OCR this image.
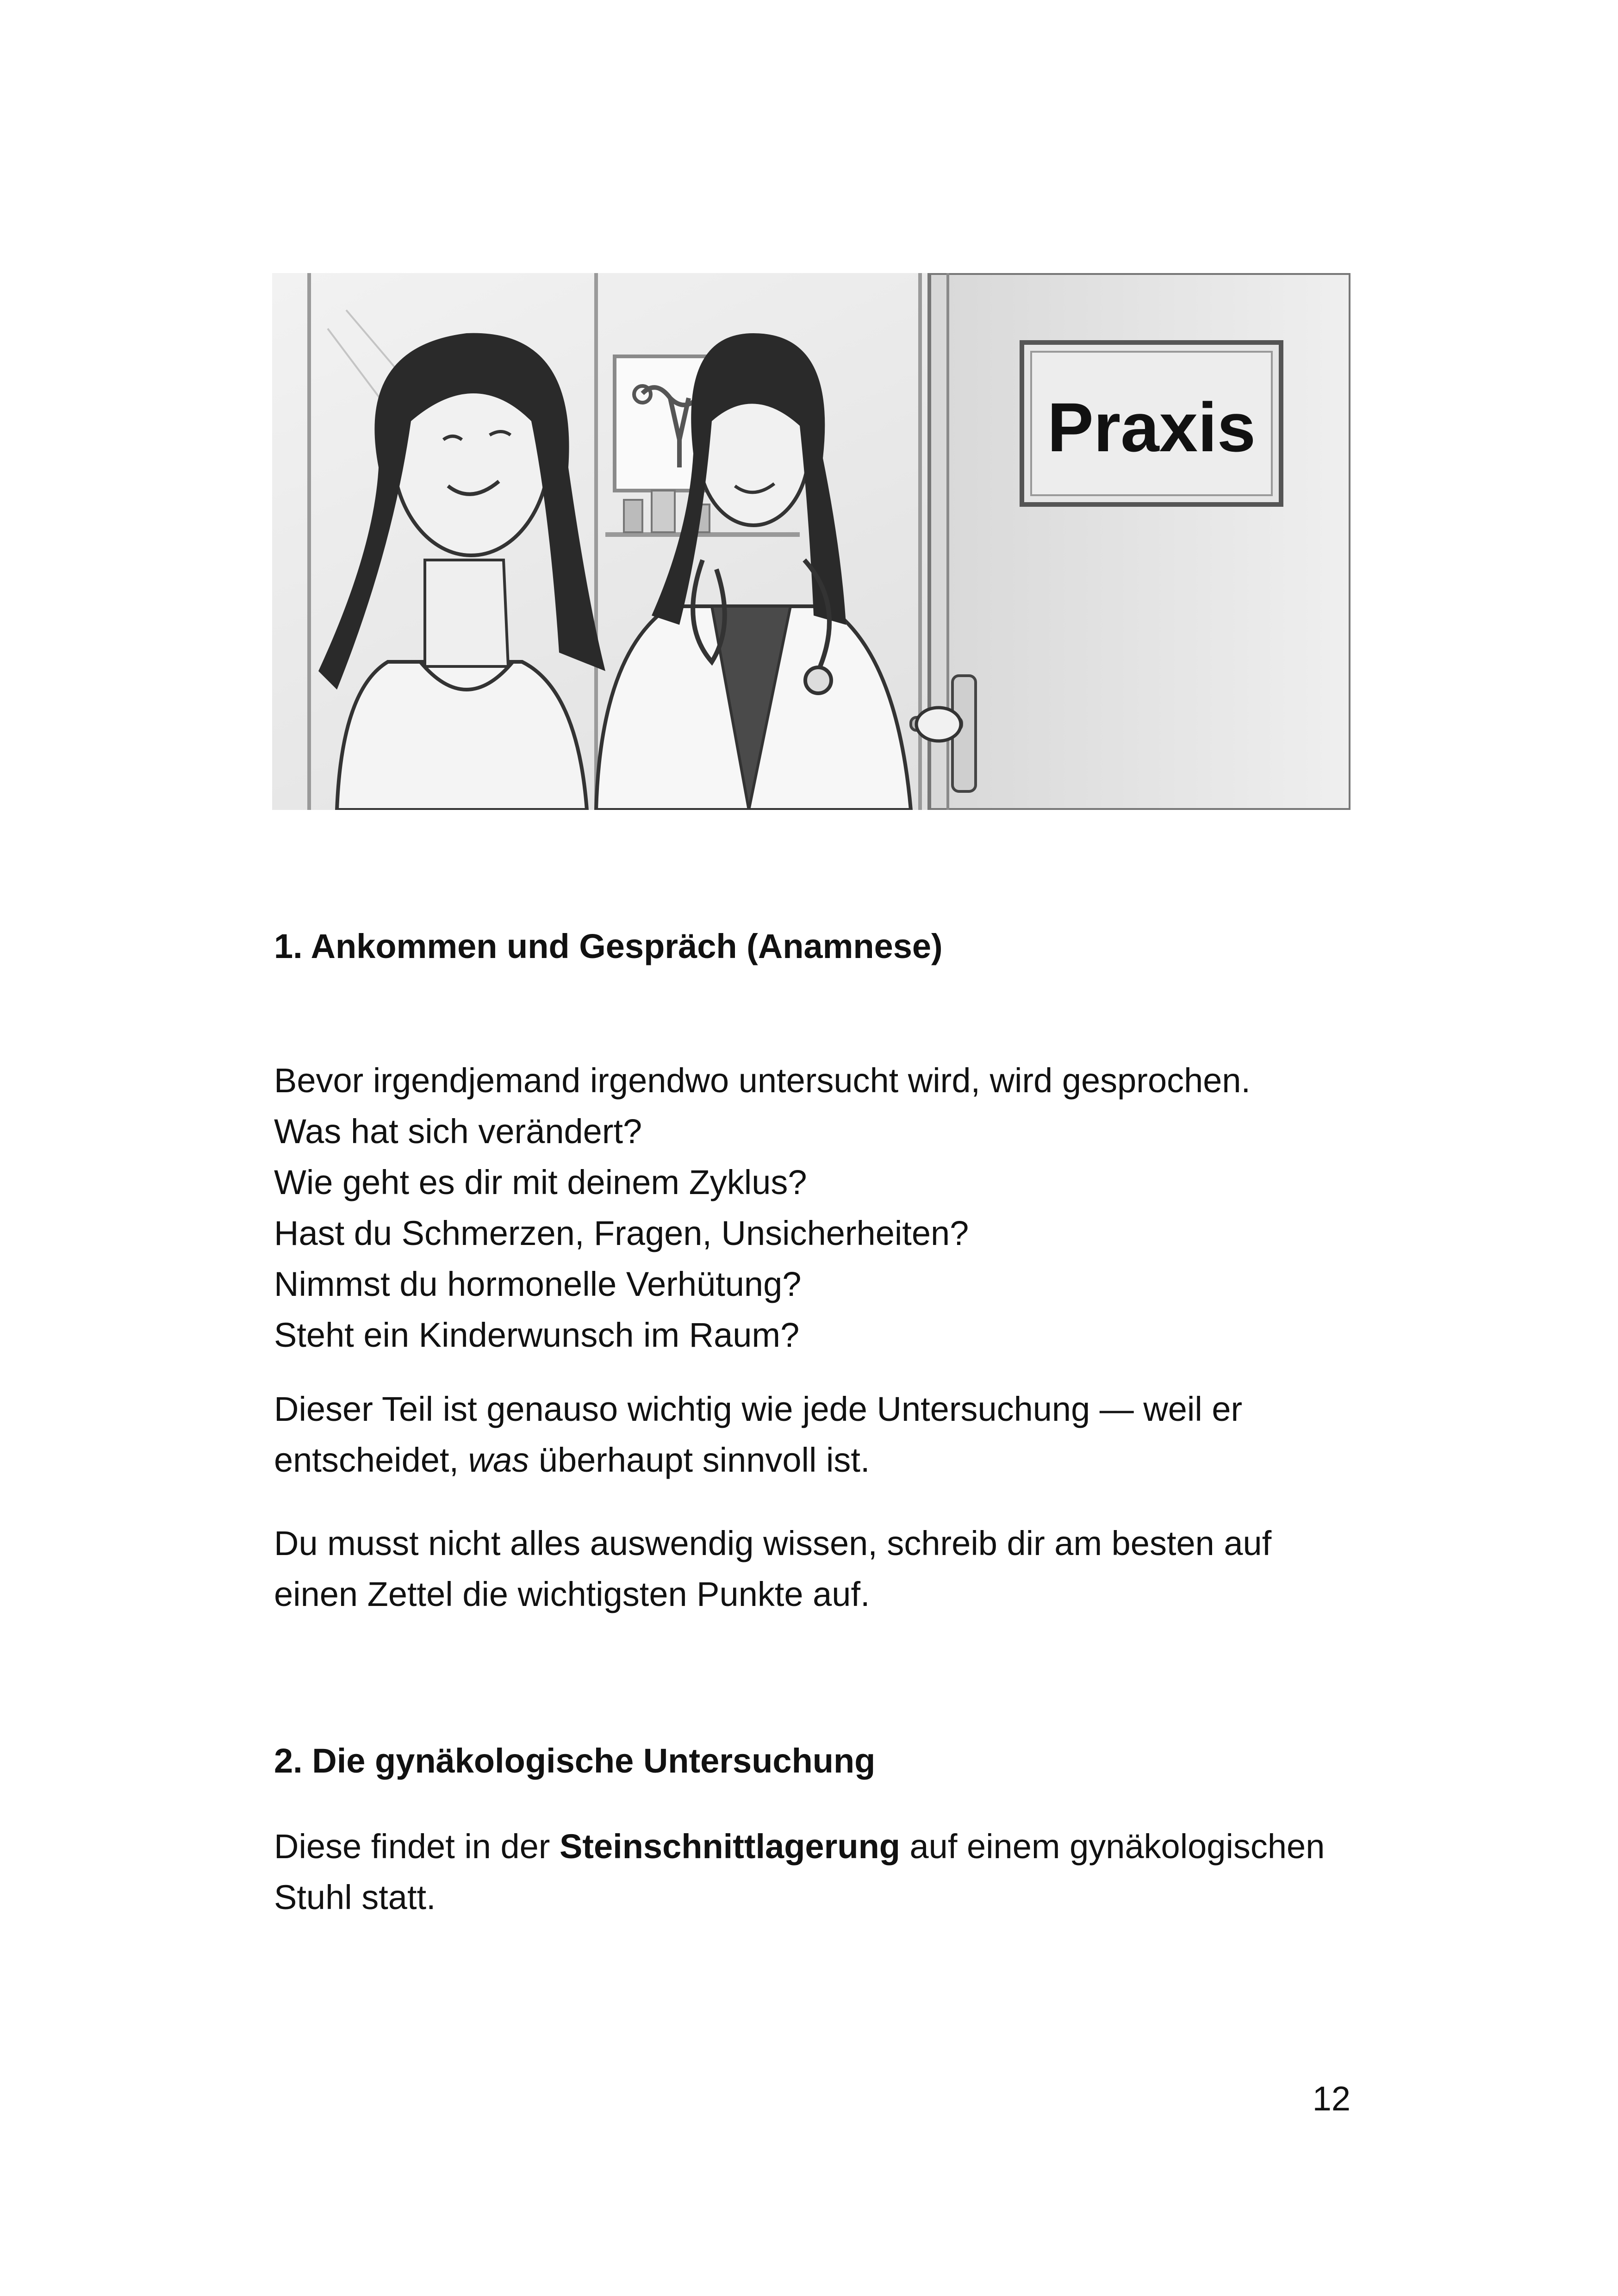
Praxis
1. Ankommen und Gespräch (Anamnese)
Bevor irgendjemand irgendwo untersucht wird, wird gesprochen.
Was hat sich verändert?
Wie geht es dir mit deinem Zyklus?
Hast du Schmerzen, Fragen, Unsicherheiten?
Nimmst du hormonelle Verhütung?
Steht ein Kinderwunsch im Raum?
Dieser Teil ist genauso wichtig wie jede Untersuchung — weil er
entscheidet, was überhaupt sinnvoll ist.
Du musst nicht alles auswendig wissen, schreib dir am besten auf
einen Zettel die wichtigsten Punkte auf.
2. Die gynäkologische Untersuchung
Diese findet in der Steinschnittlagerung auf einem gynäkologischen
Stuhl statt.
12
